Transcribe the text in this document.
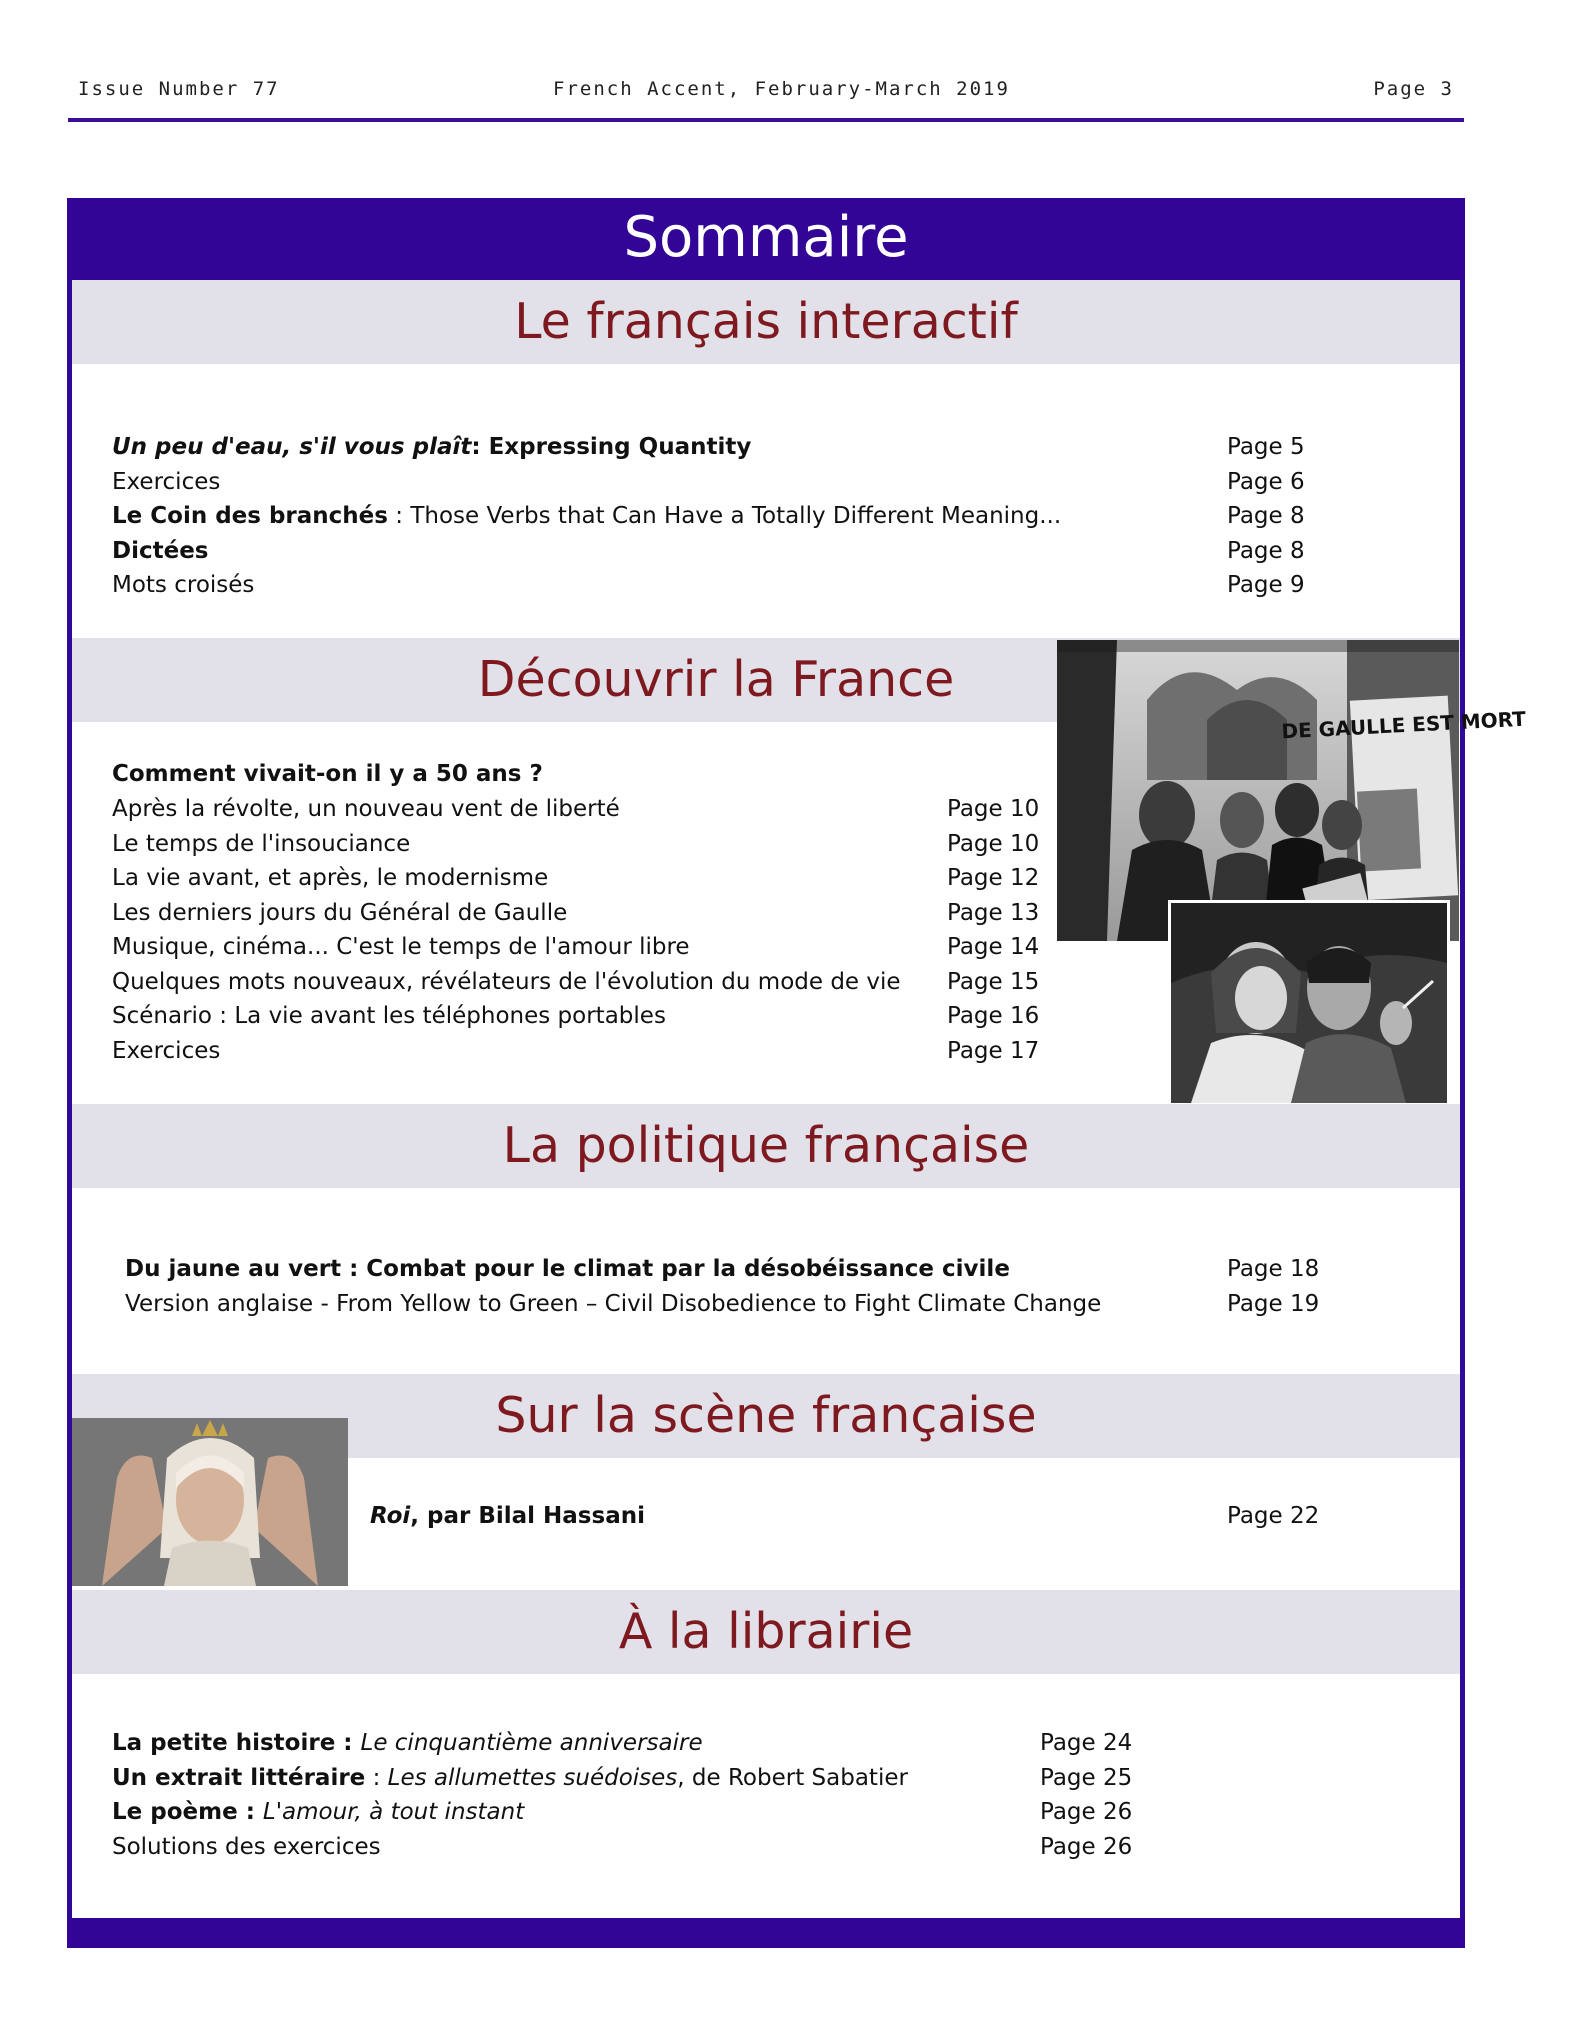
Issue Number 77	French Accent, February-March 2019	Page 3
Sommaire
Le français interactif
Un peu d'eau, s'il vous plaît: Expressing Quantity	Page 5
Exercices	Page 6
Le Coin des branchés : Those Verbs that Can Have a Totally Different Meaning...	Page 8
Dictées	Page 8
Mots croisés	Page 9
Découvrir la France
DE GAULLE EST MORT
Comment vivait-on il y a 50 ans ?
Après la révolte, un nouveau vent de liberté	Page 10
Le temps de l'insouciance	Page 10
La vie avant, et après, le modernisme	Page 12
Les derniers jours du Général de Gaulle	Page 13
Musique, cinéma... C'est le temps de l'amour libre	Page 14
Quelques mots nouveaux, révélateurs de l'évolution du mode de vie Page 15
Scénario : La vie avant les téléphones portables	Page 16
Exercices	Page 17
La politique française
Du jaune au vert : Combat pour le climat par la désobéissance civile	Page 18
Version anglaise - From Yellow to Green – Civil Disobedience to Fight Climate Change	Page 19
Sur la scène française
Roi, par Bilal Hassani	Page 22
À la librairie
La petite histoire : Le cinquantième anniversaire	Page 24
Un extrait littéraire : Les allumettes suédoises, de Robert Sabatier	Page 25
Le poème : L'amour, à tout instant	Page 26
Solutions des exercices	Page 26
